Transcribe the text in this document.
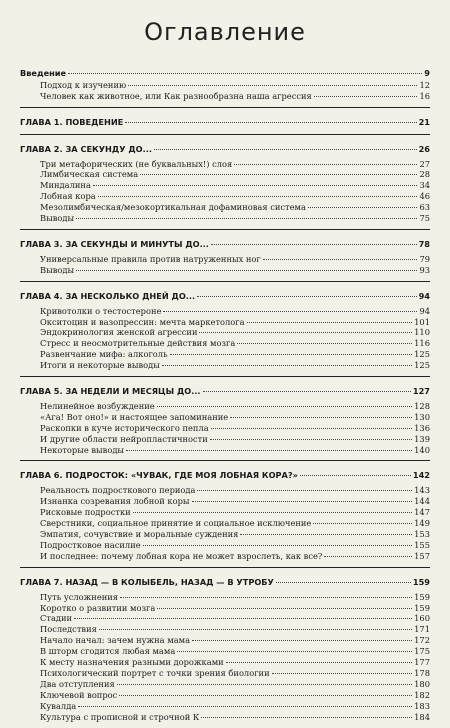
Оглавление
Введение	9
Подход к изучению	12
Человек как животное, или Как разнообразна наша агрессия	16
ГЛАВА 1. ПОВЕДЕНИЕ	21
ГЛАВА 2. ЗА СЕКУНДУ ДО...	26
Три метафорических (не буквальных!) слоя	27
Лимбическая система	28
Миндалина	34
Лобная кора	46
Мезолимбическая/мезокортикальная дофаминовая система	63
Выводы	75
ГЛАВА 3. ЗА СЕКУНДЫ И МИНУТЫ ДО...	78
Универсальные правила против натруженных ног	79
Выводы	93
ГЛАВА 4. ЗА НЕСКОЛЬКО ДНЕЙ ДО...	94
Кривотолки о тестостероне	94
Окситоцин и вазопрессин: мечта маркетолога	101
Эндокринология женской агрессии	110
Стресс и неосмотрительные действия мозга	116
Развенчание мифа: алкоголь	125
Итоги и некоторые выводы	125
ГЛАВА 5. ЗА НЕДЕЛИ И МЕСЯЦЫ ДО...	127
Нелинейное возбуждение	128
«Ага! Вот оно!» и настоящее запоминание	130
Раскопки в куче исторического пепла	136
И другие области нейропластичности	139
Некоторые выводы	140
ГЛАВА 6. ПОДРОСТОК: «ЧУВАК, ГДЕ МОЯ ЛОБНАЯ КОРА?»	142
Реальность подросткового периода	143
Изнанка созревания лобной коры	144
Рисковые подростки	147
Сверстники, социальное принятие и социальное исключение	149
Эмпатия, сочувствие и моральные суждения	153
Подростковое насилие	155
И последнее: почему лобная кора не может взрослеть, как все?	157
ГЛАВА 7. НАЗАД — В КОЛЫБЕЛЬ, НАЗАД — В УТРОБУ	159
Путь усложнения	159
Коротко о развитии мозга	159
Стадии	160
Последствия	171
Начало начал: зачем нужна мама	172
В шторм сгодится любая мама	175
К месту назначения разными дорожками	177
Психологический портрет с точки зрения биологии	178
Два отступления	180
Ключевой вопрос	182
Кувалда	183
Культура с прописной и строчной К	184
